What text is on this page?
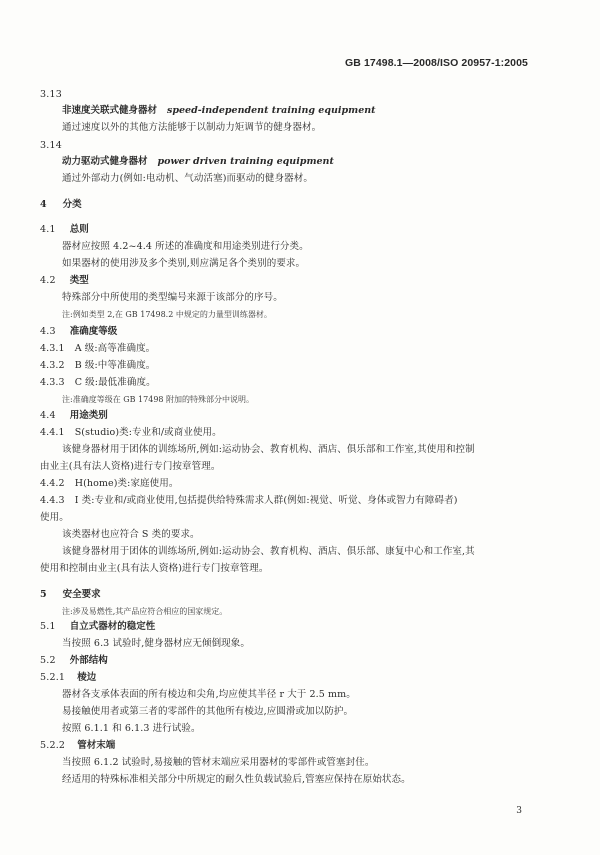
GB 17498.1—2008/ISO 20957-1:2005
3.13
非速度关联式健身器材 speed-independent training equipment
通过速度以外的其他方法能够于以制动力矩调节的健身器材。
3.14
动力驱动式健身器材 power driven training equipment
通过外部动力(例如:电动机、气动活塞)而驱动的健身器材。
4 分类
4.1 总则
器材应按照 4.2~4.4 所述的准确度和用途类别进行分类。
如果器材的使用涉及多个类别,则应满足各个类别的要求。
4.2 类型
特殊部分中所使用的类型编号来源于该部分的序号。
注:例如类型 2,在 GB 17498.2 中规定的力量型训练器材。
4.3 准确度等级
4.3.1 A 级:高等准确度。
4.3.2 B 级:中等准确度。
4.3.3 C 级:最低准确度。
注:准确度等级在 GB 17498 附加的特殊部分中说明。
4.4 用途类别
4.4.1 S(studio)类:专业和/或商业使用。
该健身器材用于团体的训练场所,例如:运动协会、教育机构、酒店、俱乐部和工作室,其使用和控制
由业主(具有法人资格)进行专门按章管理。
4.4.2 H(home)类:家庭使用。
4.4.3 I 类:专业和/或商业使用,包括提供给特殊需求人群(例如:视觉、听觉、身体或智力有障碍者)
使用。
该类器材也应符合 S 类的要求。
该健身器材用于团体的训练场所,例如:运动协会、教育机构、酒店、俱乐部、康复中心和工作室,其
使用和控制由业主(具有法人资格)进行专门按章管理。
5 安全要求
注:涉及易燃性,其产品应符合相应的国家规定。
5.1 自立式器材的稳定性
当按照 6.3 试验时,健身器材应无倾倒现象。
5.2 外部结构
5.2.1 棱边
器材各支承体表面的所有棱边和尖角,均应使其半径 r 大于 2.5 mm。
易接触使用者或第三者的零部件的其他所有棱边,应圆滑或加以防护。
按照 6.1.1 和 6.1.3 进行试验。
5.2.2 管材末端
当按照 6.1.2 试验时,易接触的管材末端应采用器材的零部件或管塞封住。
经适用的特殊标准相关部分中所规定的耐久性负载试验后,管塞应保持在原始状态。
3
